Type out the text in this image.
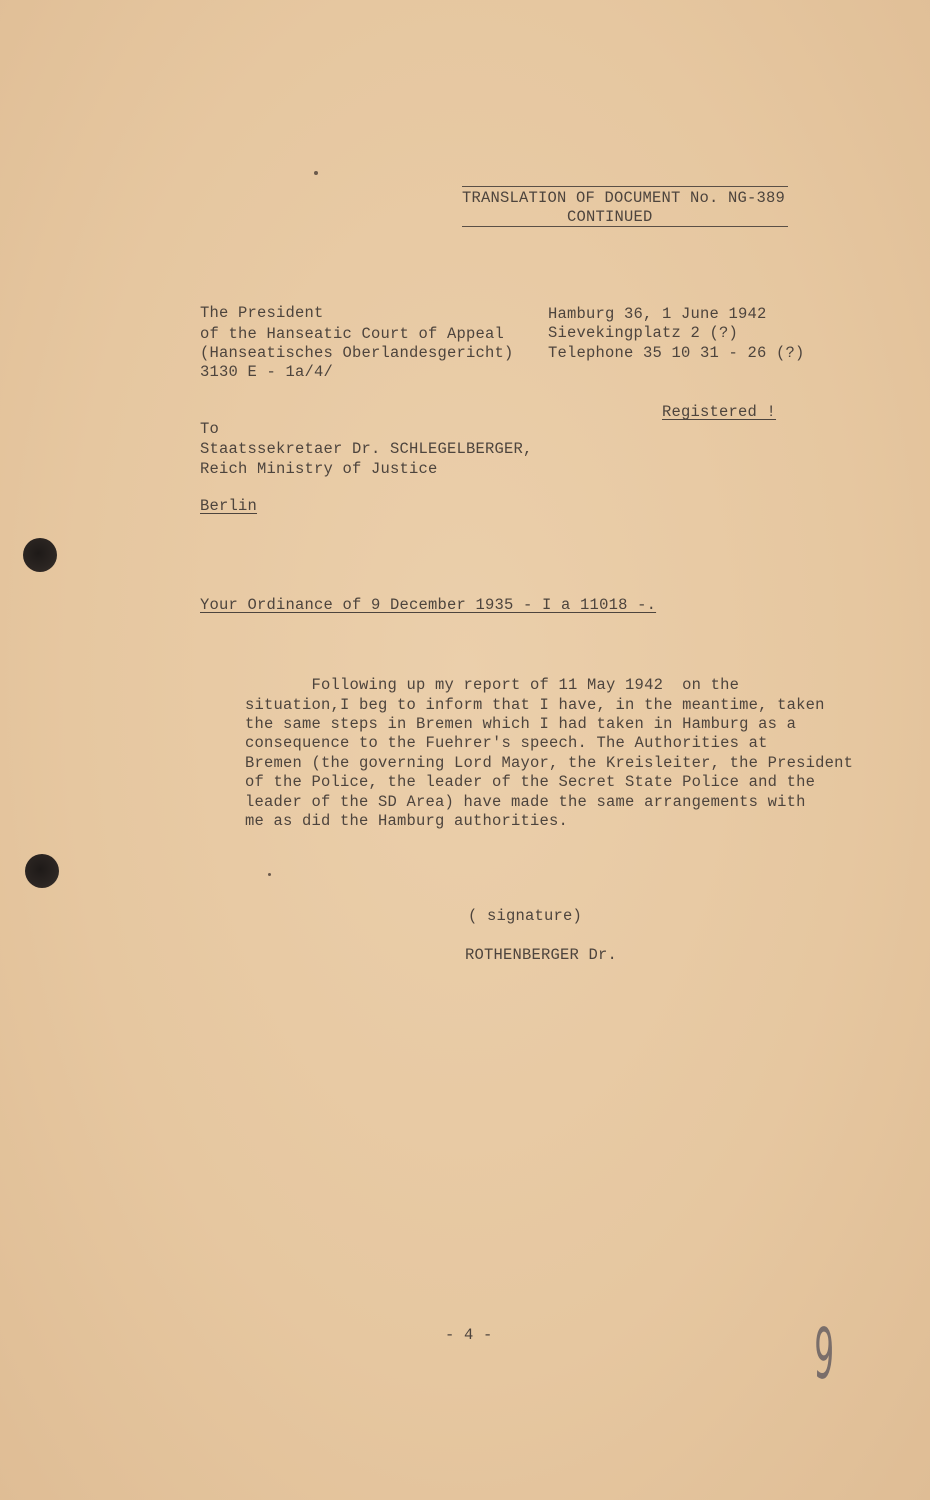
TRANSLATION OF DOCUMENT No. NG-389
CONTINUED
The President
of the Hanseatic Court of Appeal
(Hanseatisches Oberlandesgericht)
3130 E - 1a/4/
Hamburg 36, 1 June 1942
Sievekingplatz 2 (?)
Telephone 35 10 31 - 26 (?)
Registered !
To
Staatssekretaer Dr. SCHLEGELBERGER,
Reich Ministry of Justice
Berlin
Your Ordinance of 9 December 1935 - I a 11018 -.
Following up my report of 11 May 1942  on the
situation,I beg to inform that I have, in the meantime, taken
the same steps in Bremen which I had taken in Hamburg as a
consequence to the Fuehrer's speech. The Authorities at
Bremen (the governing Lord Mayor, the Kreisleiter, the President
of the Police, the leader of the Secret State Police and the
leader of the SD Area) have made the same arrangements with
me as did the Hamburg authorities.
( signature)
ROTHENBERGER Dr.
- 4 -	9
